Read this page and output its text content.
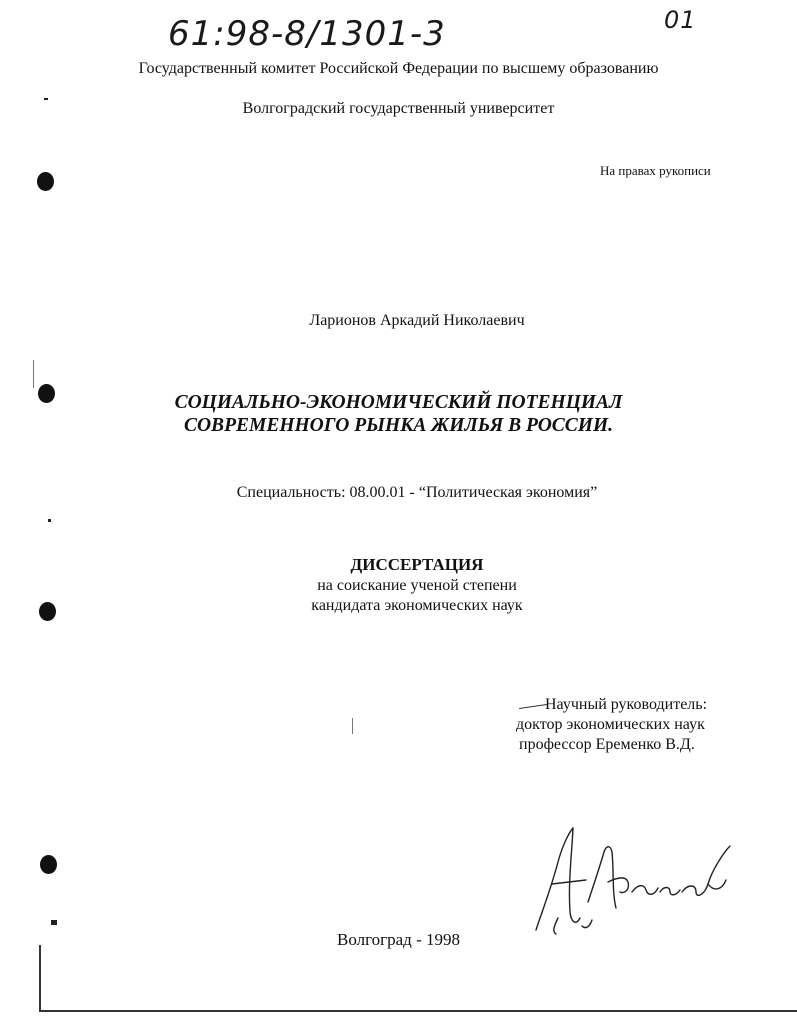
61:98-8/1301-3	01
Государственный комитет Российской Федерации по высшему образованию
Волгоградский государственный университет
На правах рукописи
Ларионов Аркадий Николаевич
СОЦИАЛЬНО-ЭКОНОМИЧЕСКИЙ ПОТЕНЦИАЛ
СОВРЕМЕННОГО РЫНКА ЖИЛЬЯ В РОССИИ.
Специальность: 08.00.01 - “Политическая экономия”
ДИССЕРТАЦИЯ
на соискание ученой степени
кандидата экономических наук
Научный руководитель:
доктор экономических наук
профессор Еременко В.Д.
Волгоград - 1998
